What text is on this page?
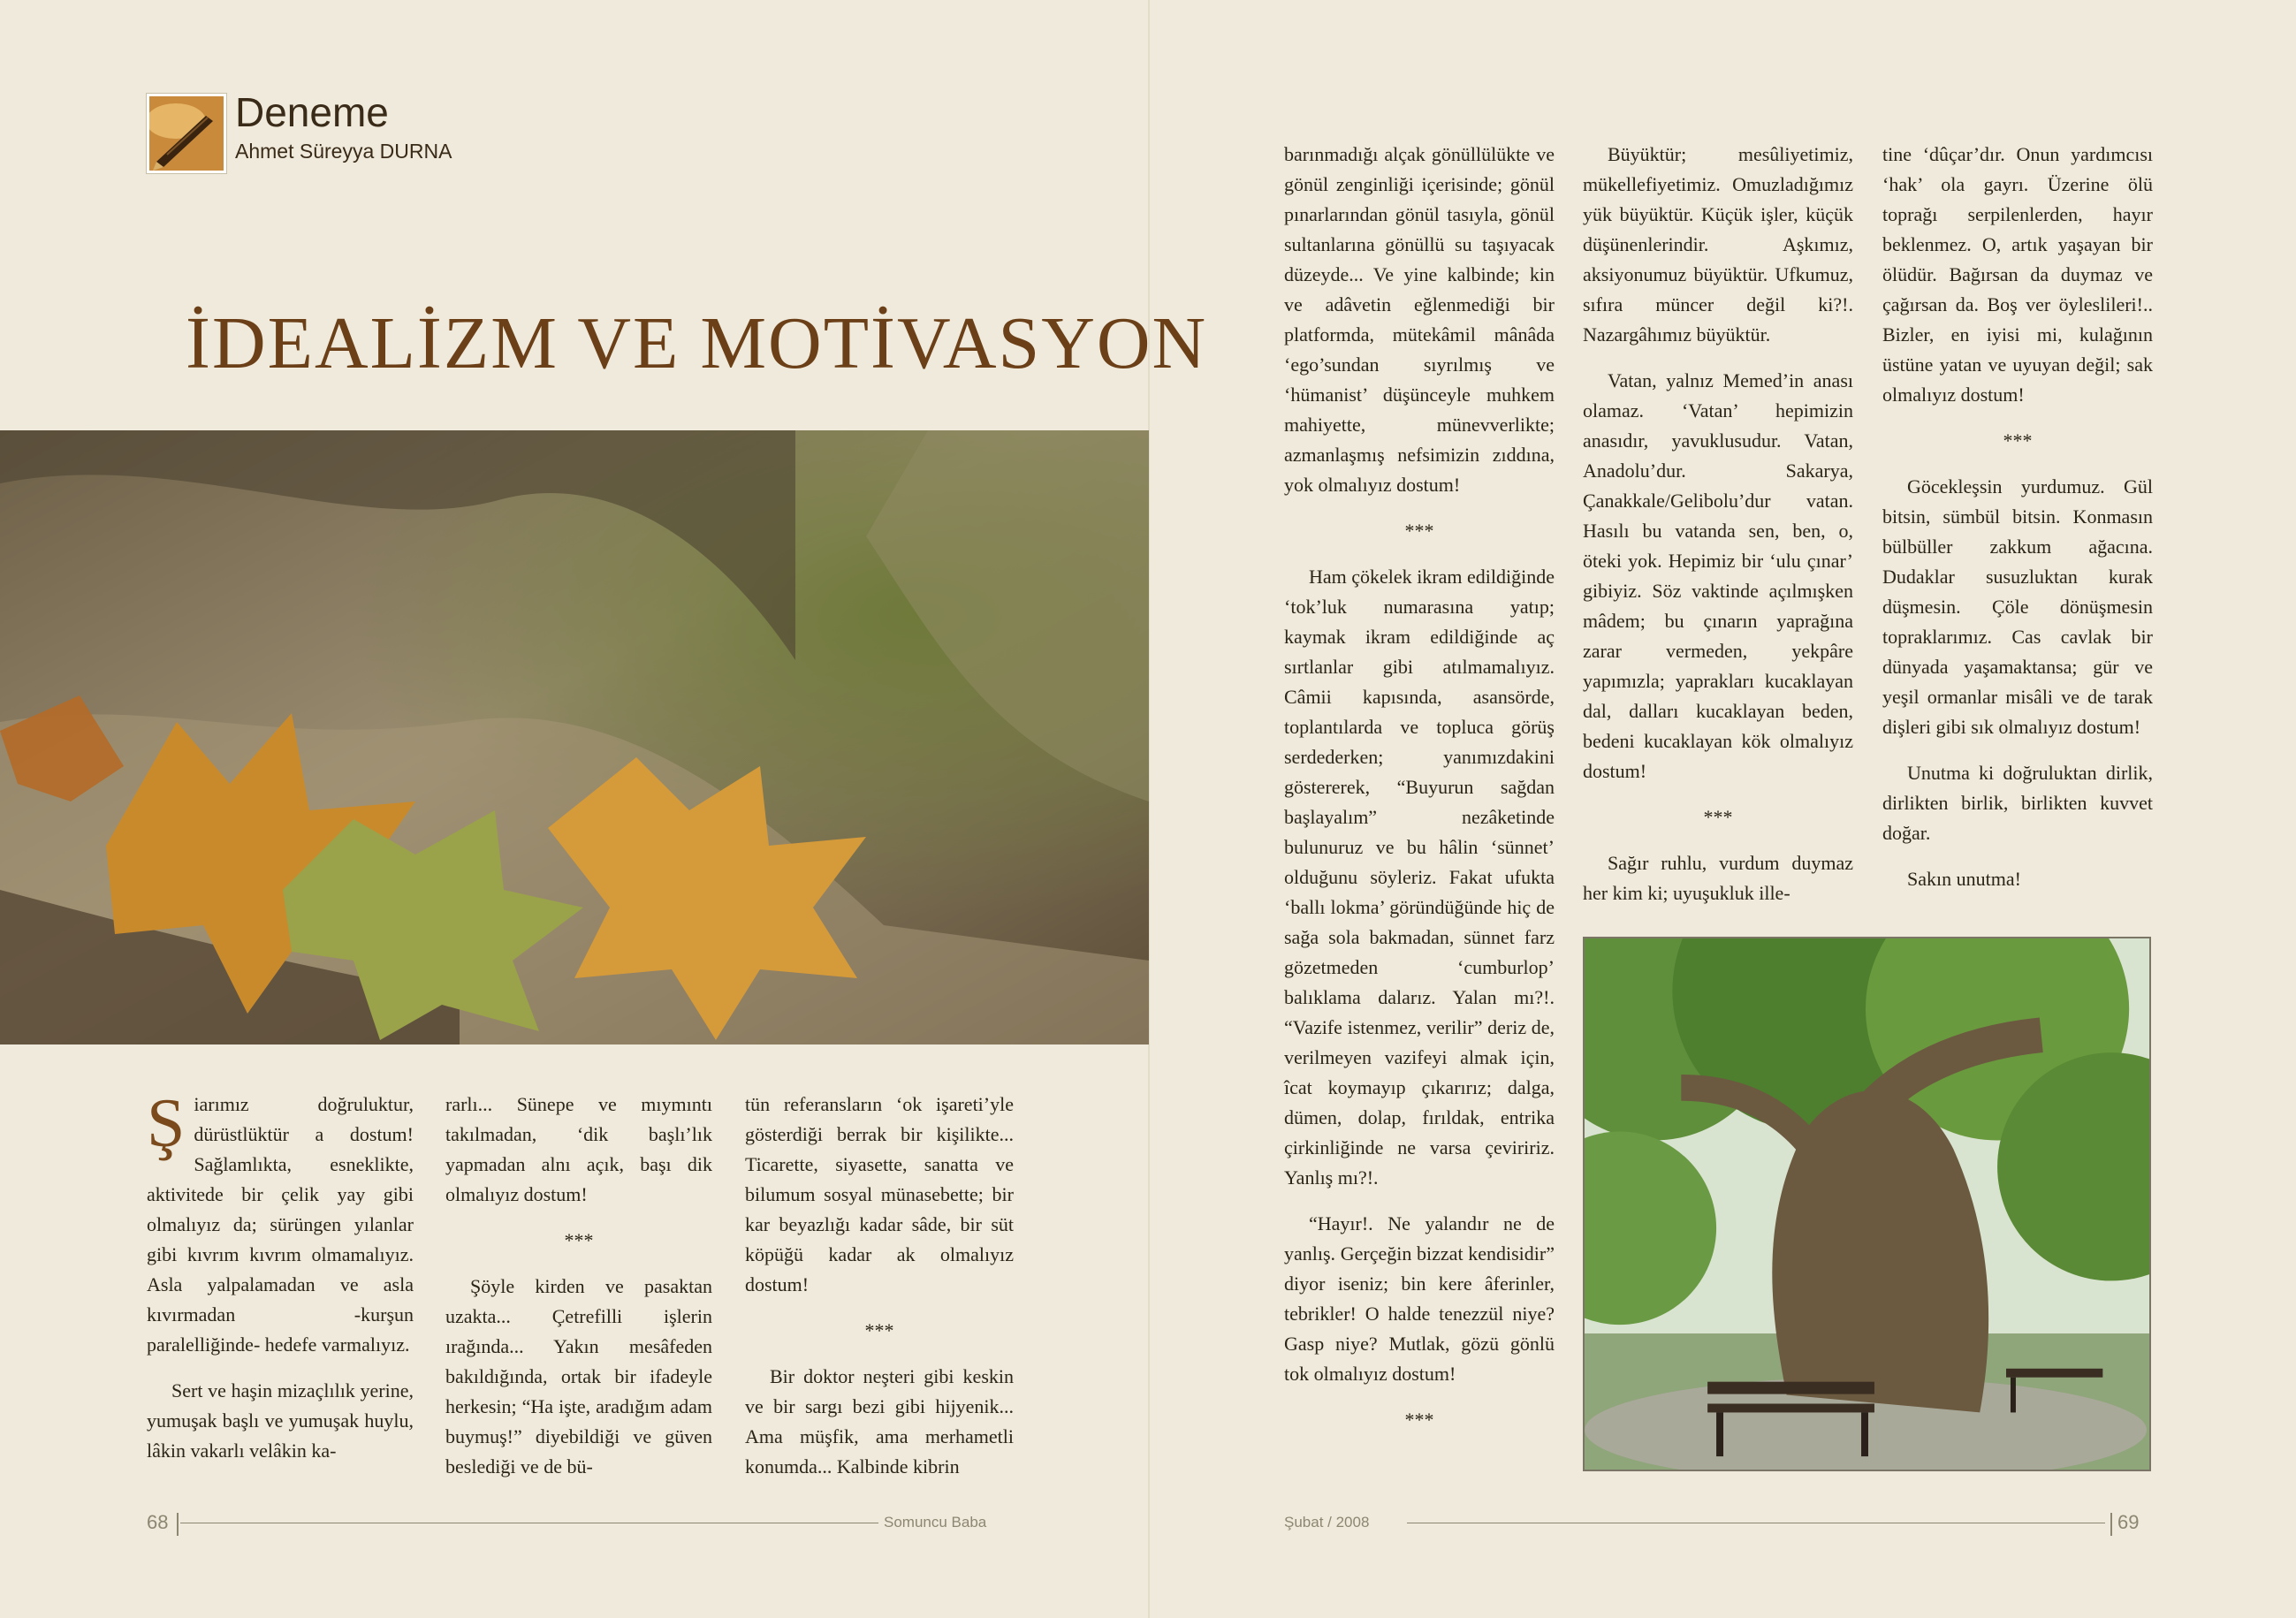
Deneme
Ahmet Süreyya DURNA
İDEALİZM VE MOTİVASYON

Şiarımız doğruluktur, dürüstlüktür a dostum! Sağlamlıkta, esneklikte, aktivitede bir çelik yay gibi olmalıyız da; sürüngen yılanlar gibi kıvrım kıvrım olmamalıyız. Asla yalpalamadan ve asla kıvırmadan -kurşun paralelliğinde- hedefe varmalıyız.

Sert ve haşin mizaçlılık yerine, yumuşak başlı ve yumuşak huylu, lâkin vakarlı velâkin ka-

rarlı... Sünepe ve mıymıntı takılmadan, ‘dik başlı’lık yapmadan alnı açık, başı dik olmalıyız dostum!

***

Şöyle kirden ve pasaktan uzakta... Çetrefilli işlerin ırağında... Yakın mesâfeden bakıldığında, ortak bir ifadeyle herkesin; “Ha işte, aradığım adam buymuş!” diyebildiği ve güven beslediği ve de bü-

tün referansların ‘ok işareti’yle gösterdiği berrak bir kişilikte... Ticarette, siyasette, sanatta ve bilumum sosyal münasebette; bir kar beyazlığı kadar sâde, bir süt köpüğü kadar ak olmalıyız dostum!

***

Bir doktor neşteri gibi keskin ve bir sargı bezi gibi hijyenik... Ama müşfik, ama merhametli konumda... Kalbinde kibrin

barınmadığı alçak gönüllülükte ve gönül zenginliği içerisinde; gönül pınarlarından gönül tasıyla, gönül sultanlarına gönüllü su taşıyacak düzeyde... Ve yine kalbinde; kin ve adâvetin eğlenmediği bir platformda, mütekâmil mânâda ‘ego’sundan sıyrılmış ve ‘hümanist’ düşünceyle muhkem mahiyette, münevverlikte; azmanlaşmış nefsimizin zıddına, yok olmalıyız dostum!

***

Ham çökelek ikram edildiğinde ‘tok’luk numarasına yatıp; kaymak ikram edildiğinde aç sırtlanlar gibi atılmamalıyız. Câmii kapısında, asansörde, toplantılarda ve topluca görüş serdederken; yanımızdakini göstererek, “Buyurun sağdan başlayalım” nezâketinde bulunuruz ve bu hâlin ‘sünnet’ olduğunu söyleriz. Fakat ufukta ‘ballı lokma’ göründüğünde hiç de sağa sola bakmadan, sünnet farz gözetmeden ‘cumburlop’ balıklama dalarız. Yalan mı?!. “Vazife istenmez, verilir” deriz de, verilmeyen vazifeyi almak için, îcat koymayıp çıkarırız; dalga, dümen, dolap, fırıldak, entrika çirkinliğinde ne varsa çeviririz. Yanlış mı?!.

“Hayır!. Ne yalandır ne de yanlış. Gerçeğin bizzat kendisidir” diyor iseniz; bin kere âferinler, tebrikler! O halde tenezzül niye? Gasp niye? Mutlak, gözü gönlü tok olmalıyız dostum!

***

Büyüktür; mesûliyetimiz, mükellefiyetimiz. Omuzladığımız yük büyüktür. Küçük işler, küçük düşünenlerindir. Aşkımız, aksiyonumuz büyüktür. Ufkumuz, sıfıra müncer değil ki?!. Nazargâhımız büyüktür.

Vatan, yalnız Memed’in anası olamaz. ‘Vatan’ hepimizin anasıdır, yavuklusudur. Vatan, Anadolu’dur. Sakarya, Çanakkale/Gelibolu’dur vatan. Hasılı bu vatanda sen, ben, o, öteki yok. Hepimiz bir ‘ulu çınar’ gibiyiz. Söz vaktinde açılmışken mâdem; bu çınarın yaprağına zarar vermeden, yekpâre yapımızla; yaprakları kucaklayan dal, dalları kucaklayan beden, bedeni kucaklayan kök olmalıyız dostum!

***

Sağır ruhlu, vurdum duymaz her kim ki; uyuşukluk ille-

tine ‘dûçar’dır. Onun yardımcısı ‘hak’ ola gayrı. Üzerine ölü toprağı serpilenlerden, hayır beklenmez. O, artık yaşayan bir ölüdür. Bağırsan da duymaz ve çağırsan da. Boş ver öyleslileri!.. Bizler, en iyisi mi, kulağının üstüne yatan ve uyuyan değil; sak olmalıyız dostum!

***

Göcekleşsin yurdumuz. Gül bitsin, sümbül bitsin. Konmasın bülbüller zakkum ağacına. Dudaklar susuzluktan kurak düşmesin. Çöle dönüşmesin topraklarımız. Cas cavlak bir dünyada yaşamaktansa; gür ve yeşil ormanlar misâli ve de tarak dişleri gibi sık olmalıyız dostum!

Unutma ki doğruluktan dirlik, dirlikten birlik, birlikten kuvvet doğar.

Sakın unutma!

68	Somuncu Baba	Şubat / 2008	69
